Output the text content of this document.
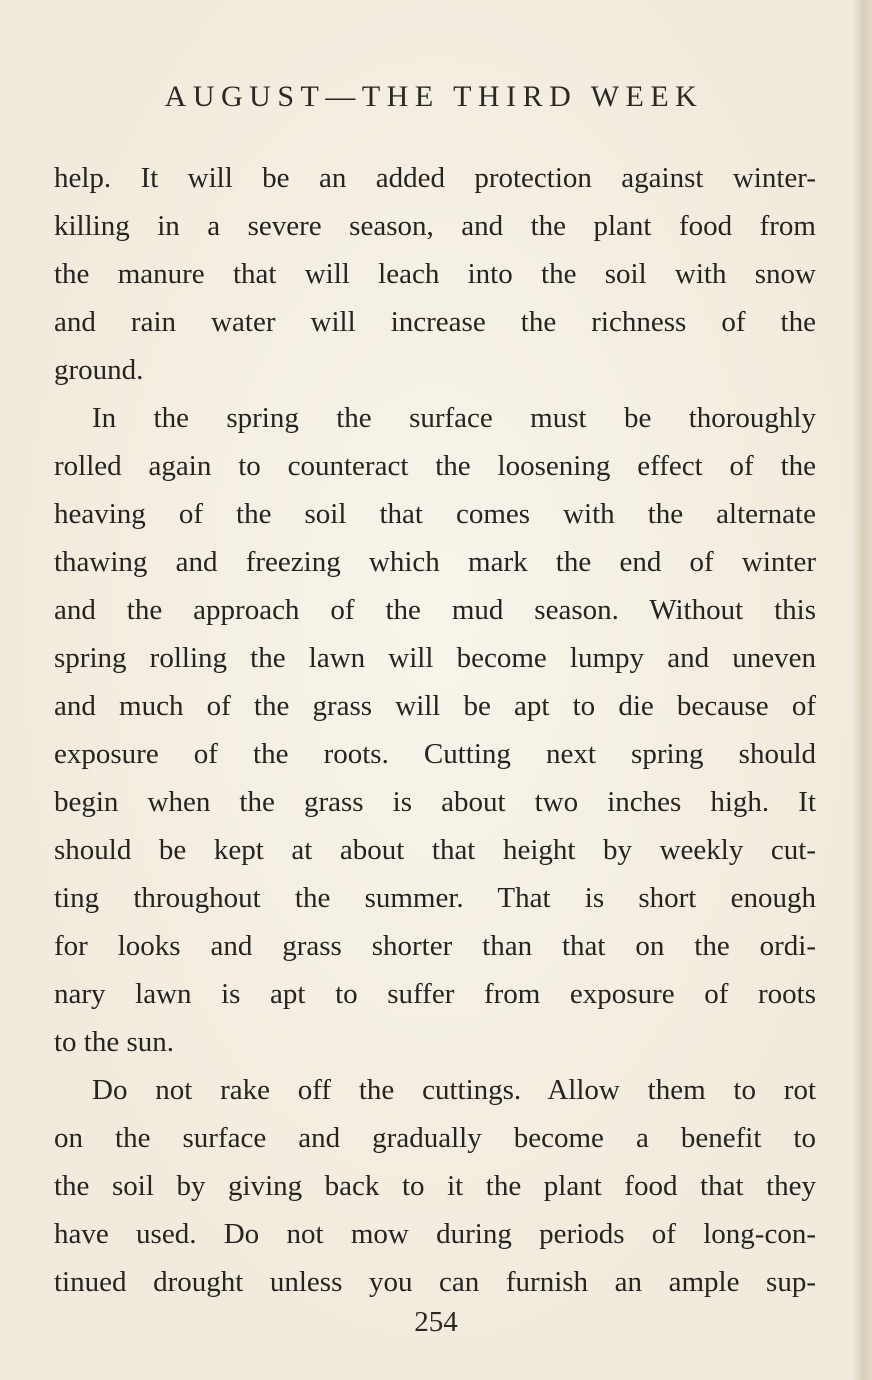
AUGUST—THE THIRD WEEK
help. It will be an added protection against winter-
killing in a severe season, and the plant food from
the manure that will leach into the soil with snow
and rain water will increase the richness of the
ground.
In the spring the surface must be thoroughly
rolled again to counteract the loosening effect of the
heaving of the soil that comes with the alternate
thawing and freezing which mark the end of winter
and the approach of the mud season. Without this
spring rolling the lawn will become lumpy and uneven
and much of the grass will be apt to die because of
exposure of the roots. Cutting next spring should
begin when the grass is about two inches high. It
should be kept at about that height by weekly cut-
ting throughout the summer. That is short enough
for looks and grass shorter than that on the ordi-
nary lawn is apt to suffer from exposure of roots
to the sun.
Do not rake off the cuttings. Allow them to rot
on the surface and gradually become a benefit to
the soil by giving back to it the plant food that they
have used. Do not mow during periods of long-con-
tinued drought unless you can furnish an ample sup-
254
